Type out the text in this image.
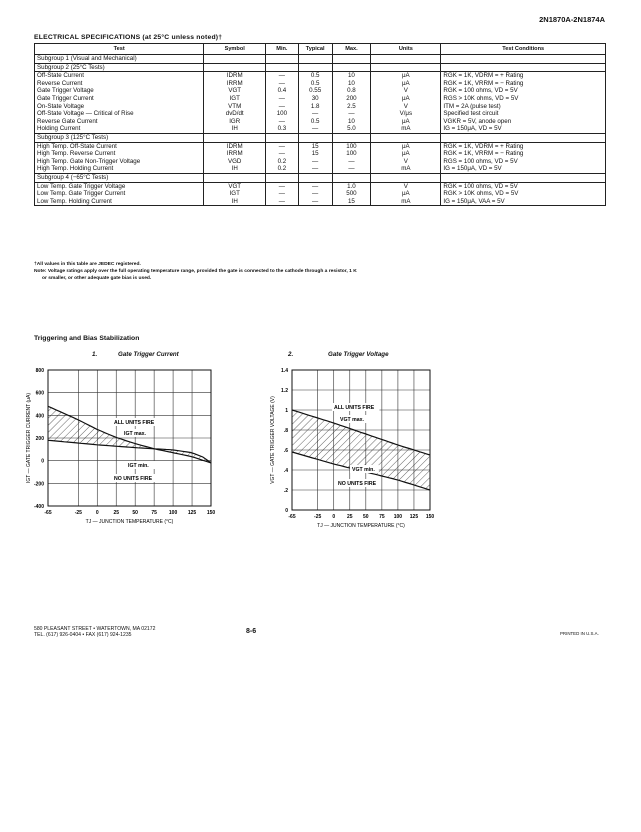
2N1870A-2N1874A
ELECTRICAL SPECIFICATIONS (at 25°C unless noted)†
Test	Symbol	Min.	Typical	Max.	Units	Test Conditions
Subgroup 1 (Visual and Mechanical)						
Subgroup 2 (25°C Tests)						
Off-State Current	IDRM	—	0.5	10	μA	RGK = 1K, VDRM = + Rating
Reverse Current	IRRM	—	0.5	10	μA	RGK = 1K, VRRM = − Rating
Gate Trigger Voltage	VGT	0.4	0.55	0.8	V	RGK = 100 ohms, VD = 5V
Gate Trigger Current	IGT	—	30	200	μA	RGS > 10K ohms, VD = 5V
On-State Voltage	VTM	—	1.8	2.5	V	ITM = 2A (pulse test)
Off-State Voltage — Critical of Rise	dvD/dt	100	—	—	V/μs	Specified test circuit
Reverse Gate Current	IGR	—	0.5	10	μA	VGKR = 5V, anode open
Holding Current	IH	0.3	—	5.0	mA	IG = 150μA, VD = 5V
Subgroup 3 (125°C Tests)						
High Temp. Off-State Current	IDRM	—	15	100	μA	RGK = 1K, VDRM = + Rating
High Temp. Reverse Current	IRRM	—	15	100	μA	RGK = 1K, VRRM = − Rating
High Temp. Gate Non-Trigger Voltage	VGD	0.2	—	—	V	RGS = 100 ohms, VD = 5V
High Temp. Holding Current	IH	0.2	—	—	mA	IG = 150μA, VD = 5V
Subgroup 4 (−65°C Tests)						
Low Temp. Gate Trigger Voltage	VGT	—	—	1.0	V	RGK = 100 ohms, VD = 5V
Low Temp. Gate Trigger Current	IGT	—	—	500	μA	RGK > 10K ohms, VD = 5V
Low Temp. Holding Current	IH	—	—	15	mA	IG = 150μA, VAA = 5V
†All values in this table are JEDEC registered.
Note: Voltage ratings apply over the full operating temperature range, provided the gate is connected to the cathode through a resistor, 1 K
or smaller, or other adequate gate bias is used.
Triggering and Bias Stabilization
1.	Gate Trigger Current	2.	Gate Trigger Voltage
-65	-25	0	25	50	75 100 125 150
800
600
400
200
0
-200
-400
TJ — JUNCTION TEMPERATURE (°C)
IGT — GATE TRIGGER CURRENT (μA)	ALL UNITS FIRE
IGT max.
IGT min.
NO UNITS FIRE
-65	-25 0 25 50 75 100 125 150
1.4
1.2
1
.8
.6
.4
.2
0
TJ — JUNCTION TEMPERATURE (°C)
VGT — GATE TRIGGER VOLTAGE (V)	ALL UNITS FIRE
VGT max.
VGT min.
NO UNITS FIRE
580 PLEASANT STREET • WATERTOWN, MA 02172
TEL. (617) 926-0404 • FAX (617) 924-1235	8-6	PRINTED IN U.S.A.
